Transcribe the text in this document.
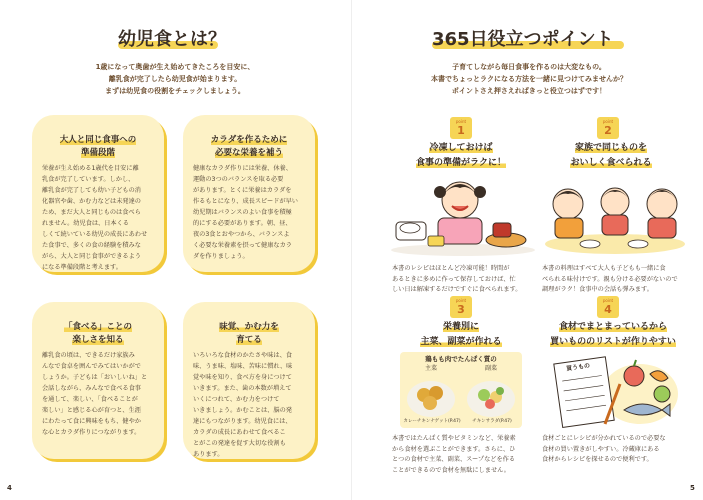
幼児食とは？
1歳になって奥歯が生え始めてきたころを目安に、
離乳食が完了したら幼児食が始まります。
まずは幼児食の役割をチェックしましょう。
大人と同じ食事への
準備段階
栄養が生え始める1歳代を目安に離
乳食が完了しています。しかし、
離乳食が完了しても幼い子どもの消
化器官や歯、かむ力などは未発達の
ため、まだ大人と同じものは食べら
れません。幼児食は、日本くる
しくて続いている幼児の成長にあわせ
た食事で、多くの食の経験を積みな
がら、大人と同じ食事ができるよう
になる準備段階と考えます。
カラダを作るために
必要な栄養を補う
健康なカラダ作りには栄養、休養、
運動の3つのバランスを取る必要
があります。とくに栄養はカラダを
作るもとになり、成長スピードが早い
幼児期はバランスのよい食事を積極
的にする必要があります。朝、昼、
夜の3食とおやつから、バランスよ
く必要な栄養素を摂って健康なカラ
ダを作りましょう。
「食べる」ことの
楽しさを知る
離乳食の頃は、できるだけ家族み
んなで食卓を囲んでみてはいかがで
しょうか。子どもは「おいしいね」と
会話しながら、みんなで食べる食事
を通して、楽しい、「食べることが
楽しい」と感じる心が育つと、生涯
にわたって食に興味をもち、健やか
な心とカラダ作りにつながります。
味覚、かむ力を
育てる
いろいろな食材のかたさや味は、食
味、うま味、塩味、苦味に慣れ、味
覚や味を知り、食べ方を身につけて
いきます。また、歯の本数が増えて
いくにつれて、かむ力をつけて
いきましょう。かむことは、脳の発
達にもつながります。幼児食には、
カラダの成長にあわせて食べるこ
とがこの発達を促す大切な役割も
あります。
4
365日役立つポイント
子育てしながら毎日食事を作るのは大変なもの。
本書でちょっとラクになる方法を一緒に見つけてみませんか？
ポイントさえ押さえればきっと役立つはずです！
point
1
冷凍しておけば
食事の準備がラクに！
本書のレシピはほとんど冷凍可能！時間が
あるときに多めに作って保存しておけば、忙
しい日は解凍するだけですぐに食べられます。
point
2
家族で同じものを
おいしく食べられる
本書の料理はすべて大人も子どもも一緒に食
べられる味付けです。親も分ける必要がないので
調理がラク！食事中の会話も弾みます。
point
3
栄養別に
主菜、副菜が作れる
鶏もも肉でたんぱく質の
主菜	副菜
カレーチキンナゲット(P.47)	チキンサラダ(P.47)
本書ではたんぱく質やビタミンなど、栄養素
から食材を選ぶことができます。さらに、ひ
とつの食材で主菜、副菜、スープなどを作る
ことができるので食材を無駄にしません。
point
4
食材でまとまっているから
買いもののリストが作りやすい
買うもの
食材ごとにレシピが分かれているので必要な
食材の買い置きがしやすい。冷蔵庫にある
食材からレシピを探せるので便利です。
5
